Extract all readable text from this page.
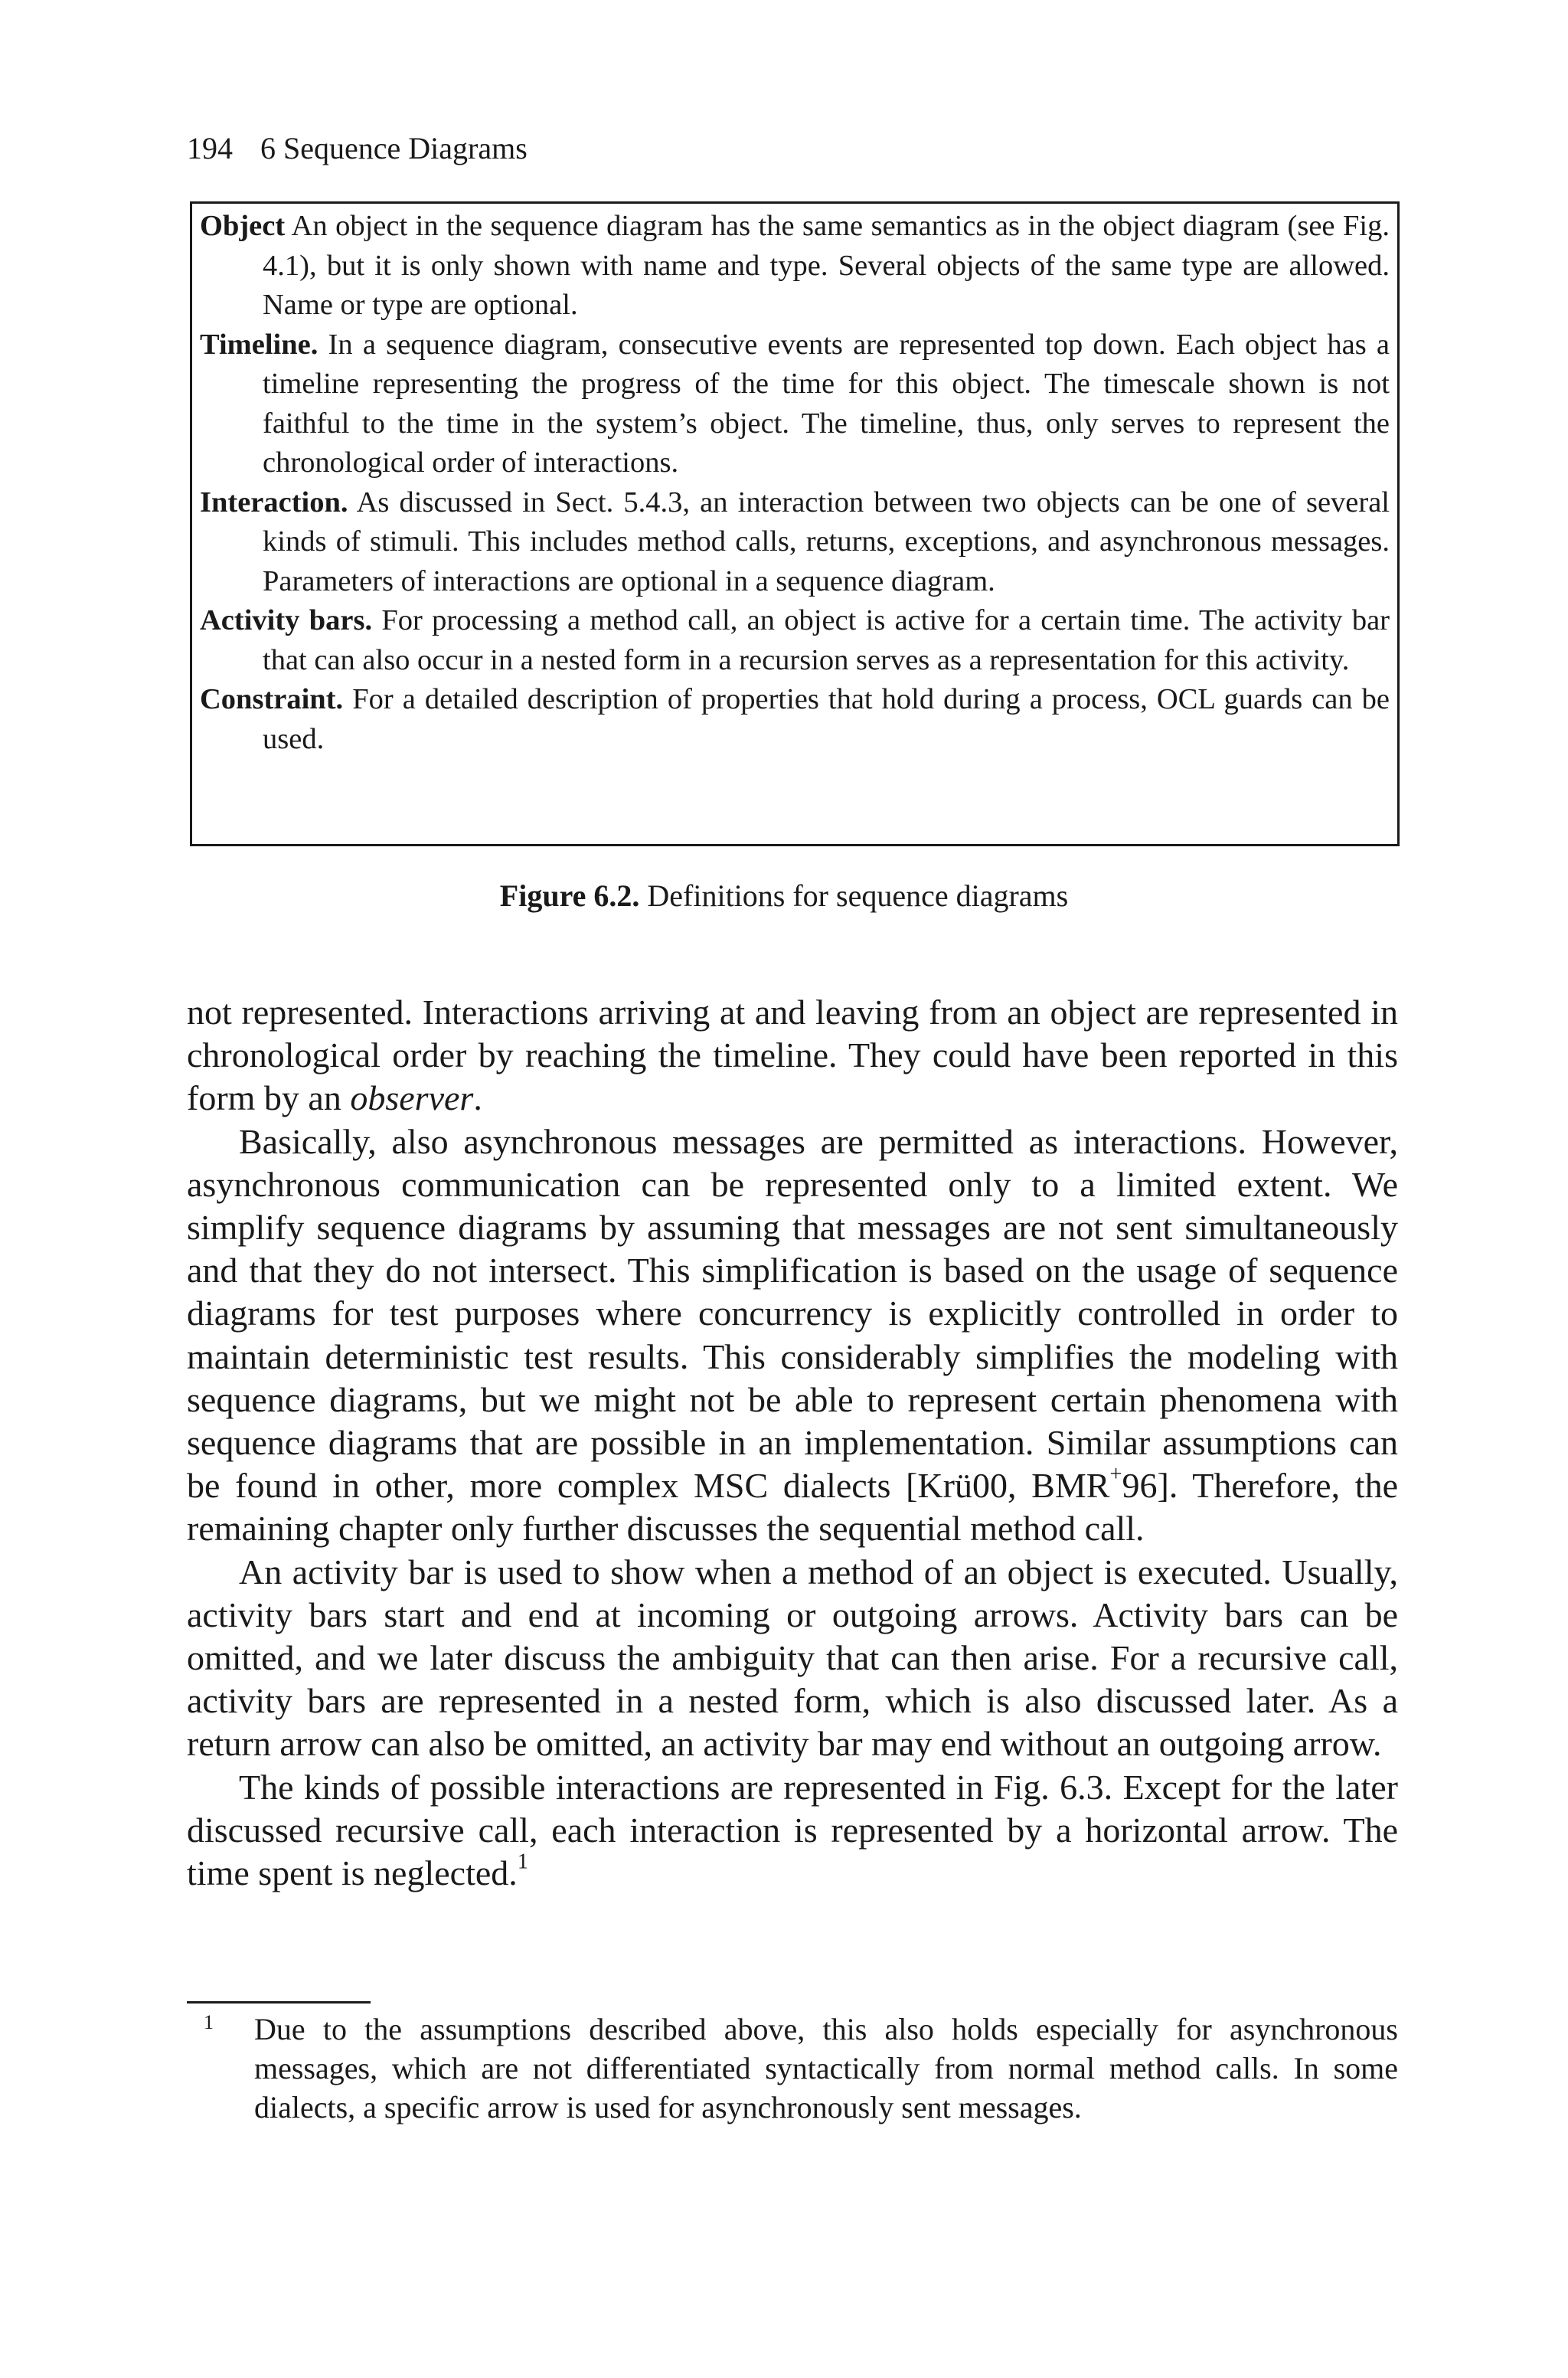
194 6 Sequence Diagrams

Object An object in the sequence diagram has the same semantics as in the object diagram (see Fig. 4.1), but it is only shown with name and type. Several objects of the same type are allowed. Name or type are optional.

Timeline. In a sequence diagram, consecutive events are represented top down. Each object has a timeline representing the progress of the time for this object. The timescale shown is not faithful to the time in the system’s object. The timeline, thus, only serves to represent the chronological order of interactions.

Interaction. As discussed in Sect. 5.4.3, an interaction between two objects can be one of several kinds of stimuli. This includes method calls, returns, exceptions, and asynchronous messages. Parameters of interactions are optional in a sequence diagram.

Activity bars. For processing a method call, an object is active for a certain time. The activity bar that can also occur in a nested form in a recursion serves as a representation for this activity.

Constraint. For a detailed description of properties that hold during a process, OCL guards can be used.

Figure 6.2. Definitions for sequence diagrams

not represented. Interactions arriving at and leaving from an object are represented in chronological order by reaching the timeline. They could have been reported in this form by an observer.

Basically, also asynchronous messages are permitted as interactions. However, asynchronous communication can be represented only to a limited extent. We simplify sequence diagrams by assuming that messages are not sent simultaneously and that they do not intersect. This simplification is based on the usage of sequence diagrams for test purposes where concurrency is explicitly controlled in order to maintain deterministic test results. This considerably simplifies the modeling with sequence diagrams, but we might not be able to represent certain phenomena with sequence diagrams that are possible in an implementation. Similar assumptions can be found in other, more complex MSC dialects [Krü00, BMR+96]. Therefore, the remaining chapter only further discusses the sequential method call.

An activity bar is used to show when a method of an object is executed. Usually, activity bars start and end at incoming or outgoing arrows. Activity bars can be omitted, and we later discuss the ambiguity that can then arise. For a recursive call, activity bars are represented in a nested form, which is also discussed later. As a return arrow can also be omitted, an activity bar may end without an outgoing arrow.

The kinds of possible interactions are represented in Fig. 6.3. Except for the later discussed recursive call, each interaction is represented by a horizontal arrow. The time spent is neglected.$^1$

1 Due to the assumptions described above, this also holds especially for asynchronous messages, which are not differentiated syntactically from normal method calls. In some dialects, a specific arrow is used for asynchronously sent messages.
